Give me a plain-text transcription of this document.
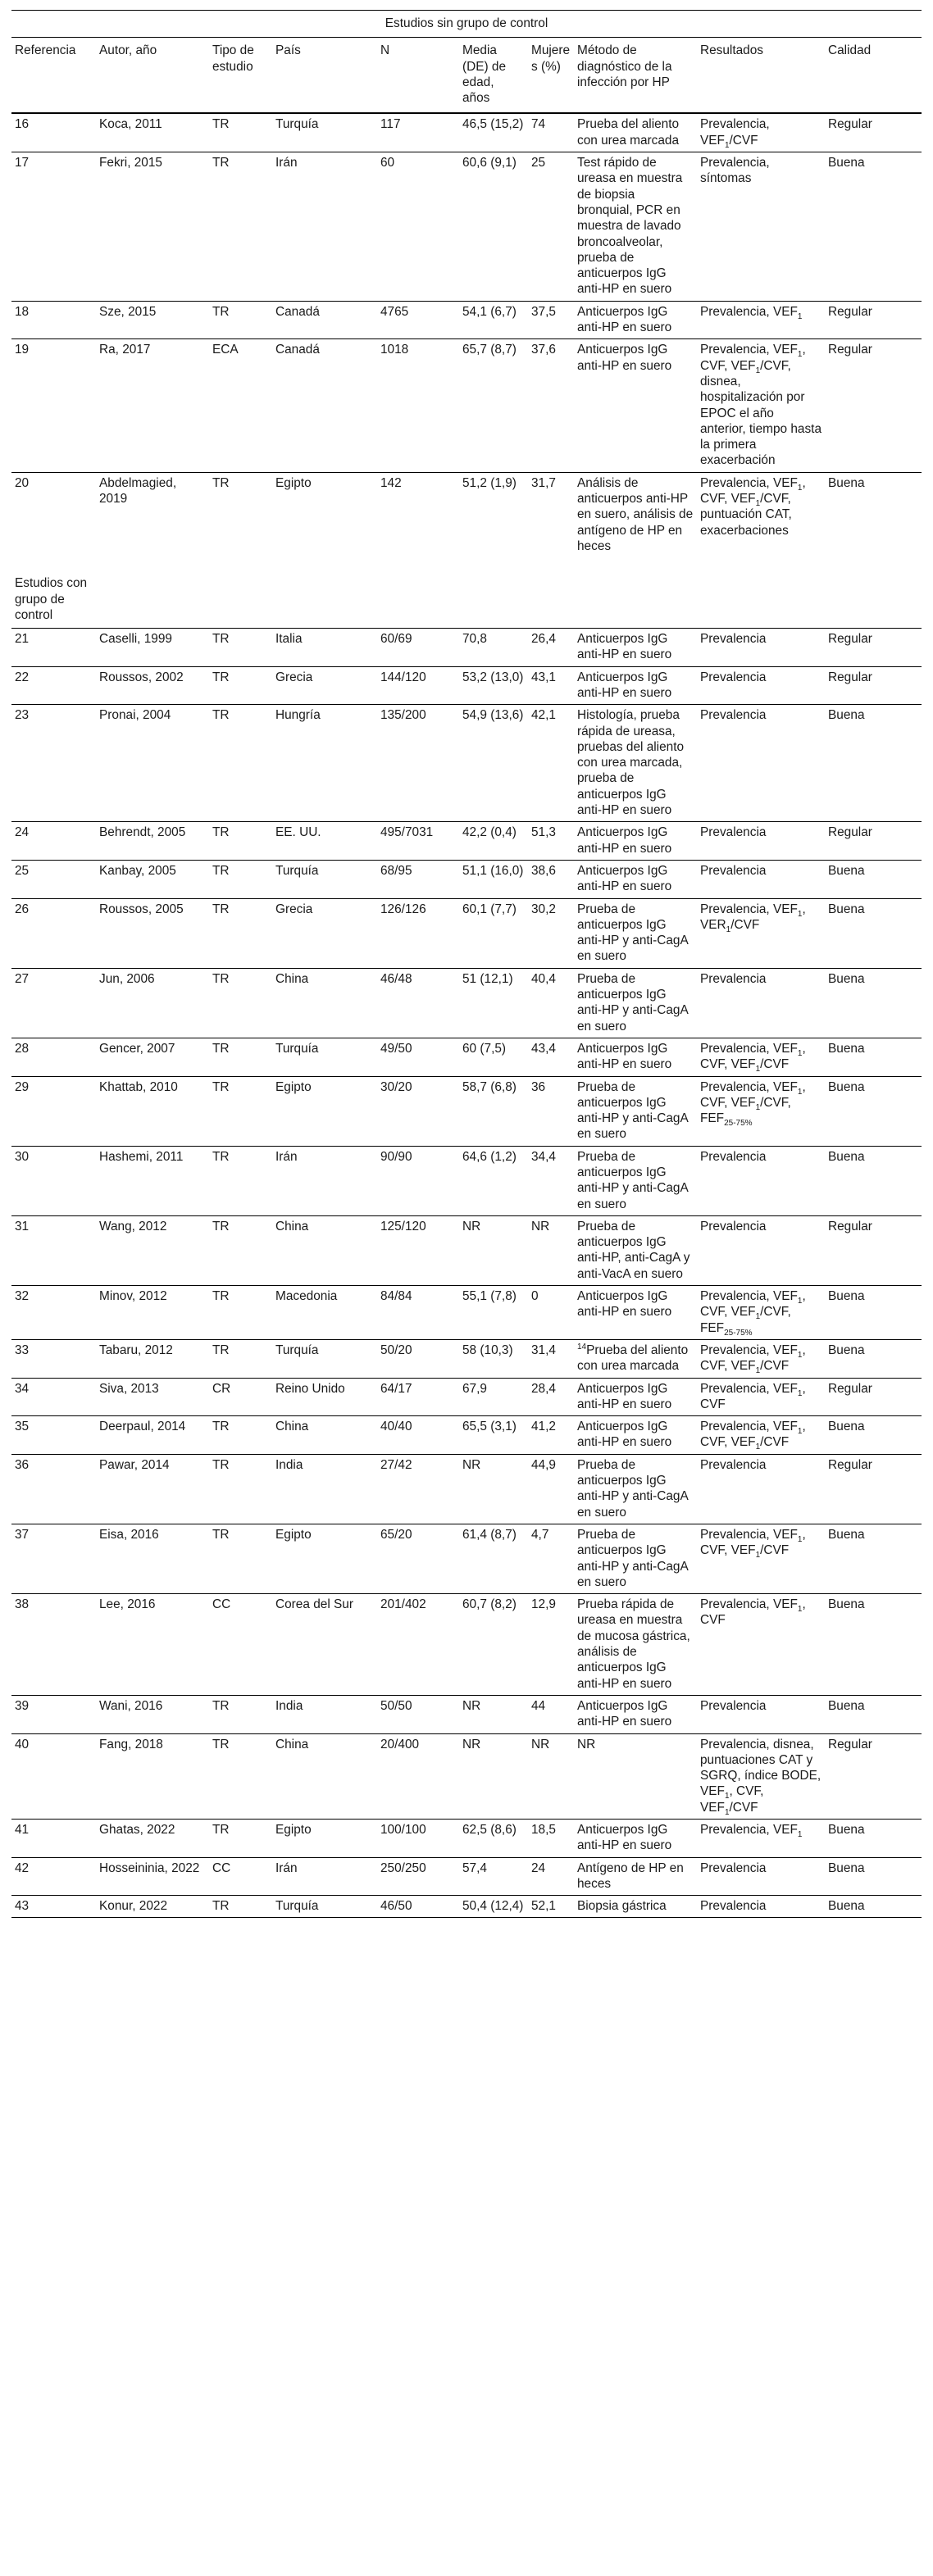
Estudios sin grupo de control									
Referencia	Autor, año	Tipo de estudio	País	N	Media (DE) de edad, años	Mujeres (%)	Método de diagnóstico de la infección por HP	Resultados	Calidad
16	Koca, 2011	TR	Turquía	117	46,5 (15,2)	74	Prueba del aliento con urea marcada	Prevalencia, $VEF_1$/CVF	Regular
17	Fekri, 2015	TR	Irán	60	60,6 (9,1)	25	Test rápido de ureasa en muestra de biopsia bronquial, PCR en muestra de lavado broncoalveolar, prueba de anticuerpos IgG anti-HP en suero	Prevalencia, síntomas	Buena
18	Sze, 2015	TR	Canadá	4765	54,1 (6,7)	37,5	Anticuerpos IgG anti-HP en suero	Prevalencia, $VEF_1$	Regular
19	Ra, 2017	ECA	Canadá	1018	65,7 (8,7)	37,6	Anticuerpos IgG anti-HP en suero	Prevalencia, $VEF_1$, CVF, $VEF_1$/CVF, disnea, hospitalización por EPOC el año anterior, tiempo hasta la primera exacerbación	Regular
20	Abdelmagied, 2019	TR	Egipto	142	51,2 (1,9)	31,7	Análisis de anticuerpos anti-HP en suero, análisis de antígeno de HP en heces	Prevalencia, $VEF_1$, CVF, $VEF_1$/CVF, puntuación CAT, exacerbaciones	Buena
Estudios con grupo de control									
21	Caselli, 1999	TR	Italia	60/69	70,8	26,4	Anticuerpos IgG anti-HP en suero	Prevalencia	Regular
22	Roussos, 2002	TR	Grecia	144/120	53,2 (13,0)	43,1	Anticuerpos IgG anti-HP en suero	Prevalencia	Regular
23	Pronai, 2004	TR	Hungría	135/200	54,9 (13,6)	42,1	Histología, prueba rápida de ureasa, pruebas del aliento con urea marcada, prueba de anticuerpos IgG anti-HP en suero	Prevalencia	Buena
24	Behrendt, 2005	TR	EE. UU.	495/7031	42,2 (0,4)	51,3	Anticuerpos IgG anti-HP en suero	Prevalencia	Regular
25	Kanbay, 2005	TR	Turquía	68/95	51,1 (16,0)	38,6	Anticuerpos IgG anti-HP en suero	Prevalencia	Buena
26	Roussos, 2005	TR	Grecia	126/126	60,1 (7,7)	30,2	Prueba de anticuerpos IgG anti-HP y anti-CagA en suero	Prevalencia, $VEF_1$, $VER_1$/CVF	Buena
27	Jun, 2006	TR	China	46/48	51 (12,1)	40,4	Prueba de anticuerpos IgG anti-HP y anti-CagA en suero	Prevalencia	Buena
28	Gencer, 2007	TR	Turquía	49/50	60 (7,5)	43,4	Anticuerpos IgG anti-HP en suero	Prevalencia, $VEF_1$, CVF, $VEF_1$/CVF	Buena
29	Khattab, 2010	TR	Egipto	30/20	58,7 (6,8)	36	Prueba de anticuerpos IgG anti-HP y anti-CagA en suero	Prevalencia, $VEF_1$, CVF, $VEF_1$/CVF, $FEF_{25-75\%}$	Buena
30	Hashemi, 2011	TR	Irán	90/90	64,6 (1,2)	34,4	Prueba de anticuerpos IgG anti-HP y anti-CagA en suero	Prevalencia	Buena
31	Wang, 2012	TR	China	125/120	NR	NR	Prueba de anticuerpos IgG anti-HP, anti-CagA y anti-VacA en suero	Prevalencia	Regular
32	Minov, 2012	TR	Macedonia	84/84	55,1 (7,8)	0	Anticuerpos IgG anti-HP en suero	Prevalencia, $VEF_1$, CVF, $VEF_1$/CVF, $FEF_{25-75\%}$	Buena
33	Tabaru, 2012	TR	Turquía	50/20	58 (10,3)	31,4	$^{14}$Prueba del aliento con urea marcada	Prevalencia, $VEF_1$, CVF, $VEF_1$/CVF	Buena
34	Siva, 2013	CR	Reino Unido	64/17	67,9	28,4	Anticuerpos IgG anti-HP en suero	Prevalencia, $VEF_1$, CVF	Regular
35	Deerpaul, 2014	TR	China	40/40	65,5 (3,1)	41,2	Anticuerpos IgG anti-HP en suero	Prevalencia, $VEF_1$, CVF, $VEF_1$/CVF	Buena
36	Pawar, 2014	TR	India	27/42	NR	44,9	Prueba de anticuerpos IgG anti-HP y anti-CagA en suero	Prevalencia	Regular
37	Eisa, 2016	TR	Egipto	65/20	61,4 (8,7)	4,7	Prueba de anticuerpos IgG anti-HP y anti-CagA en suero	Prevalencia, $VEF_1$, CVF, $VEF_1$/CVF	Buena
38	Lee, 2016	CC	Corea del Sur	201/402	60,7 (8,2)	12,9	Prueba rápida de ureasa en muestra de mucosa gástrica, análisis de anticuerpos IgG anti-HP en suero	Prevalencia, $VEF_1$, CVF	Buena
39	Wani, 2016	TR	India	50/50	NR	44	Anticuerpos IgG anti-HP en suero	Prevalencia	Buena
40	Fang, 2018	TR	China	20/400	NR	NR	NR	Prevalencia, disnea, puntuaciones CAT y SGRQ, índice BODE, $VEF_1$, CVF, $VEF_1$/CVF	Regular
41	Ghatas, 2022	TR	Egipto	100/100	62,5 (8,6)	18,5	Anticuerpos IgG anti-HP en suero	Prevalencia, $VEF_1$	Buena
42	Hosseininia, 2022	CC	Irán	250/250	57,4	24	Antígeno de HP en heces	Prevalencia	Buena
43	Konur, 2022	TR	Turquía	46/50	50,4 (12,4)	52,1	Biopsia gástrica	Prevalencia	Buena
